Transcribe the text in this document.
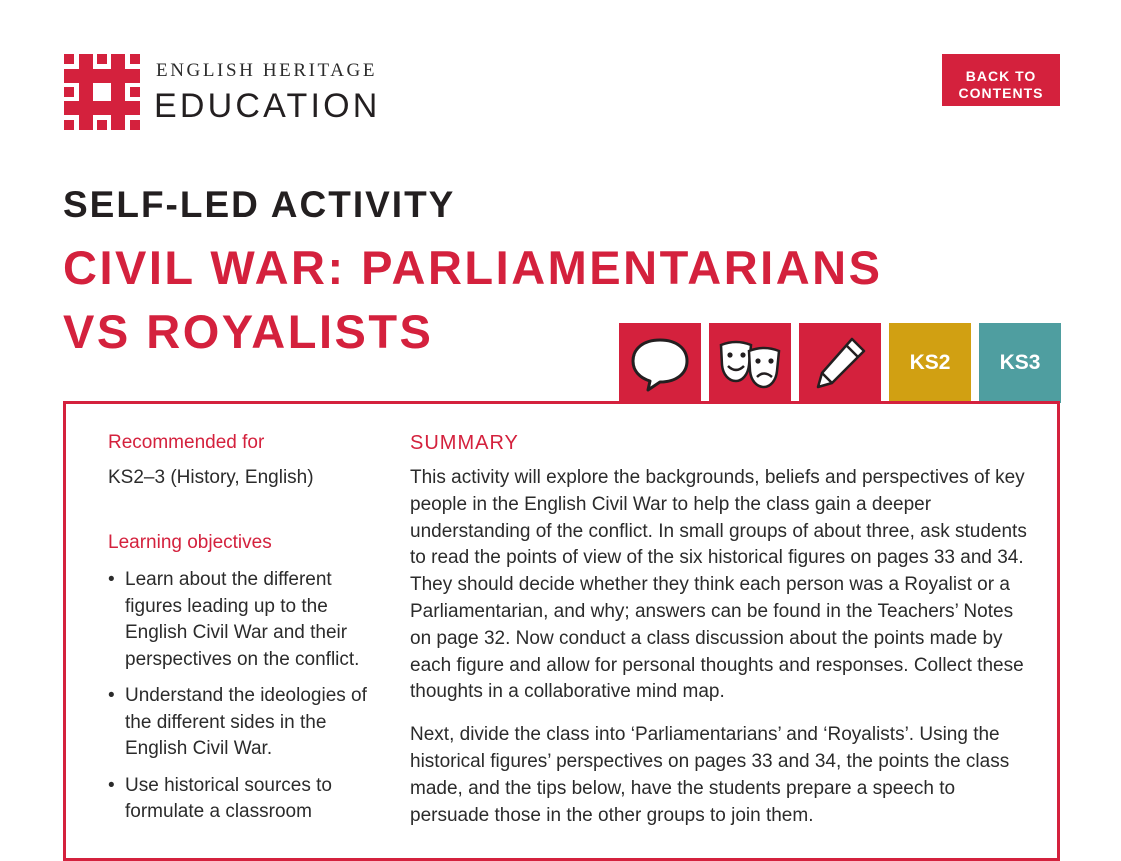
ENGLISH HERITAGE
EDUCATION
BACK TO CONTENTS
SELF-LED ACTIVITY
CIVIL WAR: PARLIAMENTARIANS VS ROYALISTS
KS2	KS3
Recommended for

KS2–3 (History, English)

Learning objectives
• Learn about the different figures leading up to the English Civil War and their perspectives on the conflict.
• Understand the ideologies of the different sides in the English Civil War.
• Use historical sources to formulate a classroom
SUMMARY

This activity will explore the backgrounds, beliefs and perspectives of key people in the English Civil War to help the class gain a deeper understanding of the conflict. In small groups of about three, ask students to read the points of view of the six historical figures on pages 33 and 34. They should decide whether they think each person was a Royalist or a Parliamentarian, and why; answers can be found in the Teachers’ Notes on page 32. Now conduct a class discussion about the points made by each figure and allow for personal thoughts and responses. Collect these thoughts in a collaborative mind map.

Next, divide the class into ‘Parliamentarians’ and ‘Royalists’. Using the historical figures’ perspectives on pages 33 and 34, the points the class made, and the tips below, have the students prepare a speech to persuade those in the other groups to join them.
